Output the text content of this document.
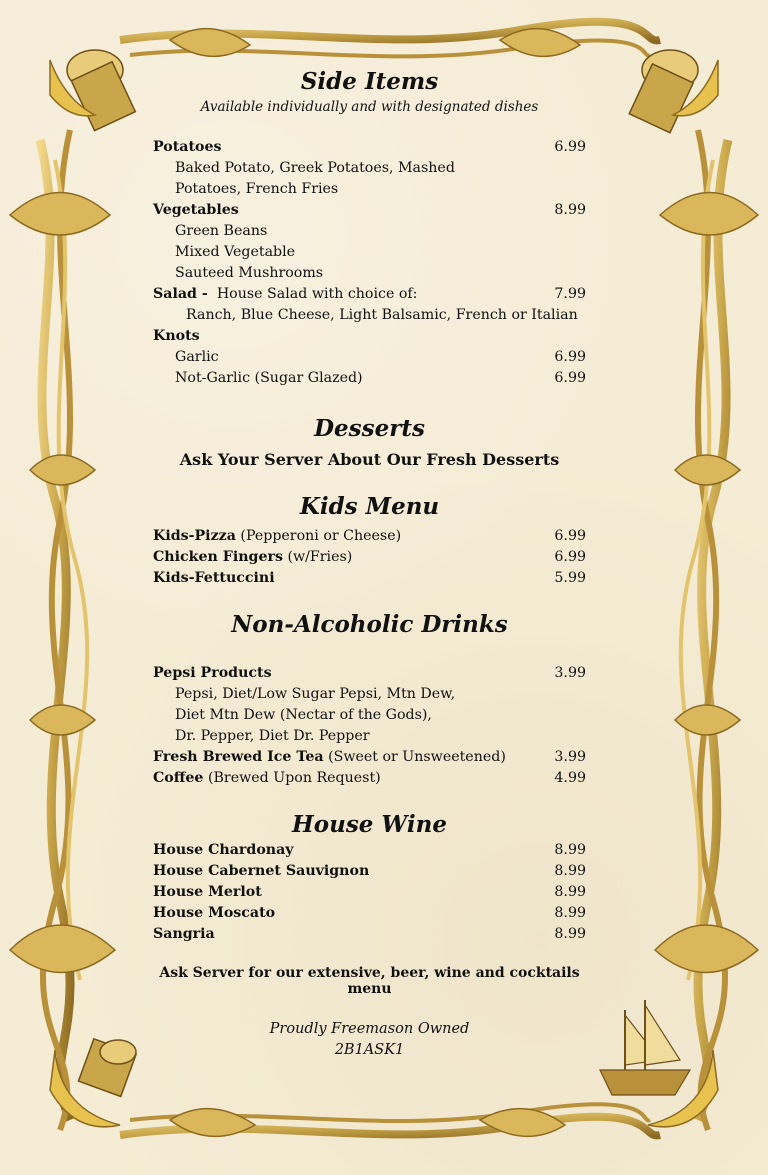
Side Items
Available individually and with designated dishes
Potatoes	6.99
Baked Potato, Greek Potatoes, Mashed
Potatoes, French Fries
Vegetables	8.99
Green Beans
Mixed Vegetable
Sauteed Mushrooms
Salad - House Salad with choice of:	7.99
Ranch, Blue Cheese, Light Balsamic, French or Italian
Knots
Garlic	6.99
Not-Garlic (Sugar Glazed)	6.99
Desserts
Ask Your Server About Our Fresh Desserts
Kids Menu
Kids-Pizza (Pepperoni or Cheese)	6.99
Chicken Fingers (w/Fries)	6.99
Kids-Fettuccini	5.99
Non-Alcoholic Drinks
Pepsi Products	3.99
Pepsi, Diet/Low Sugar Pepsi, Mtn Dew,
Diet Mtn Dew (Nectar of the Gods),
Dr. Pepper, Diet Dr. Pepper
Fresh Brewed Ice Tea (Sweet or Unsweetened)	3.99
Coffee (Brewed Upon Request)	4.99
House Wine
House Chardonay	8.99
House Cabernet Sauvignon	8.99
House Merlot	8.99
House Moscato	8.99
Sangria	8.99
Ask Server for our extensive, beer, wine and cocktails menu
Proudly Freemason Owned
2B1ASK1
